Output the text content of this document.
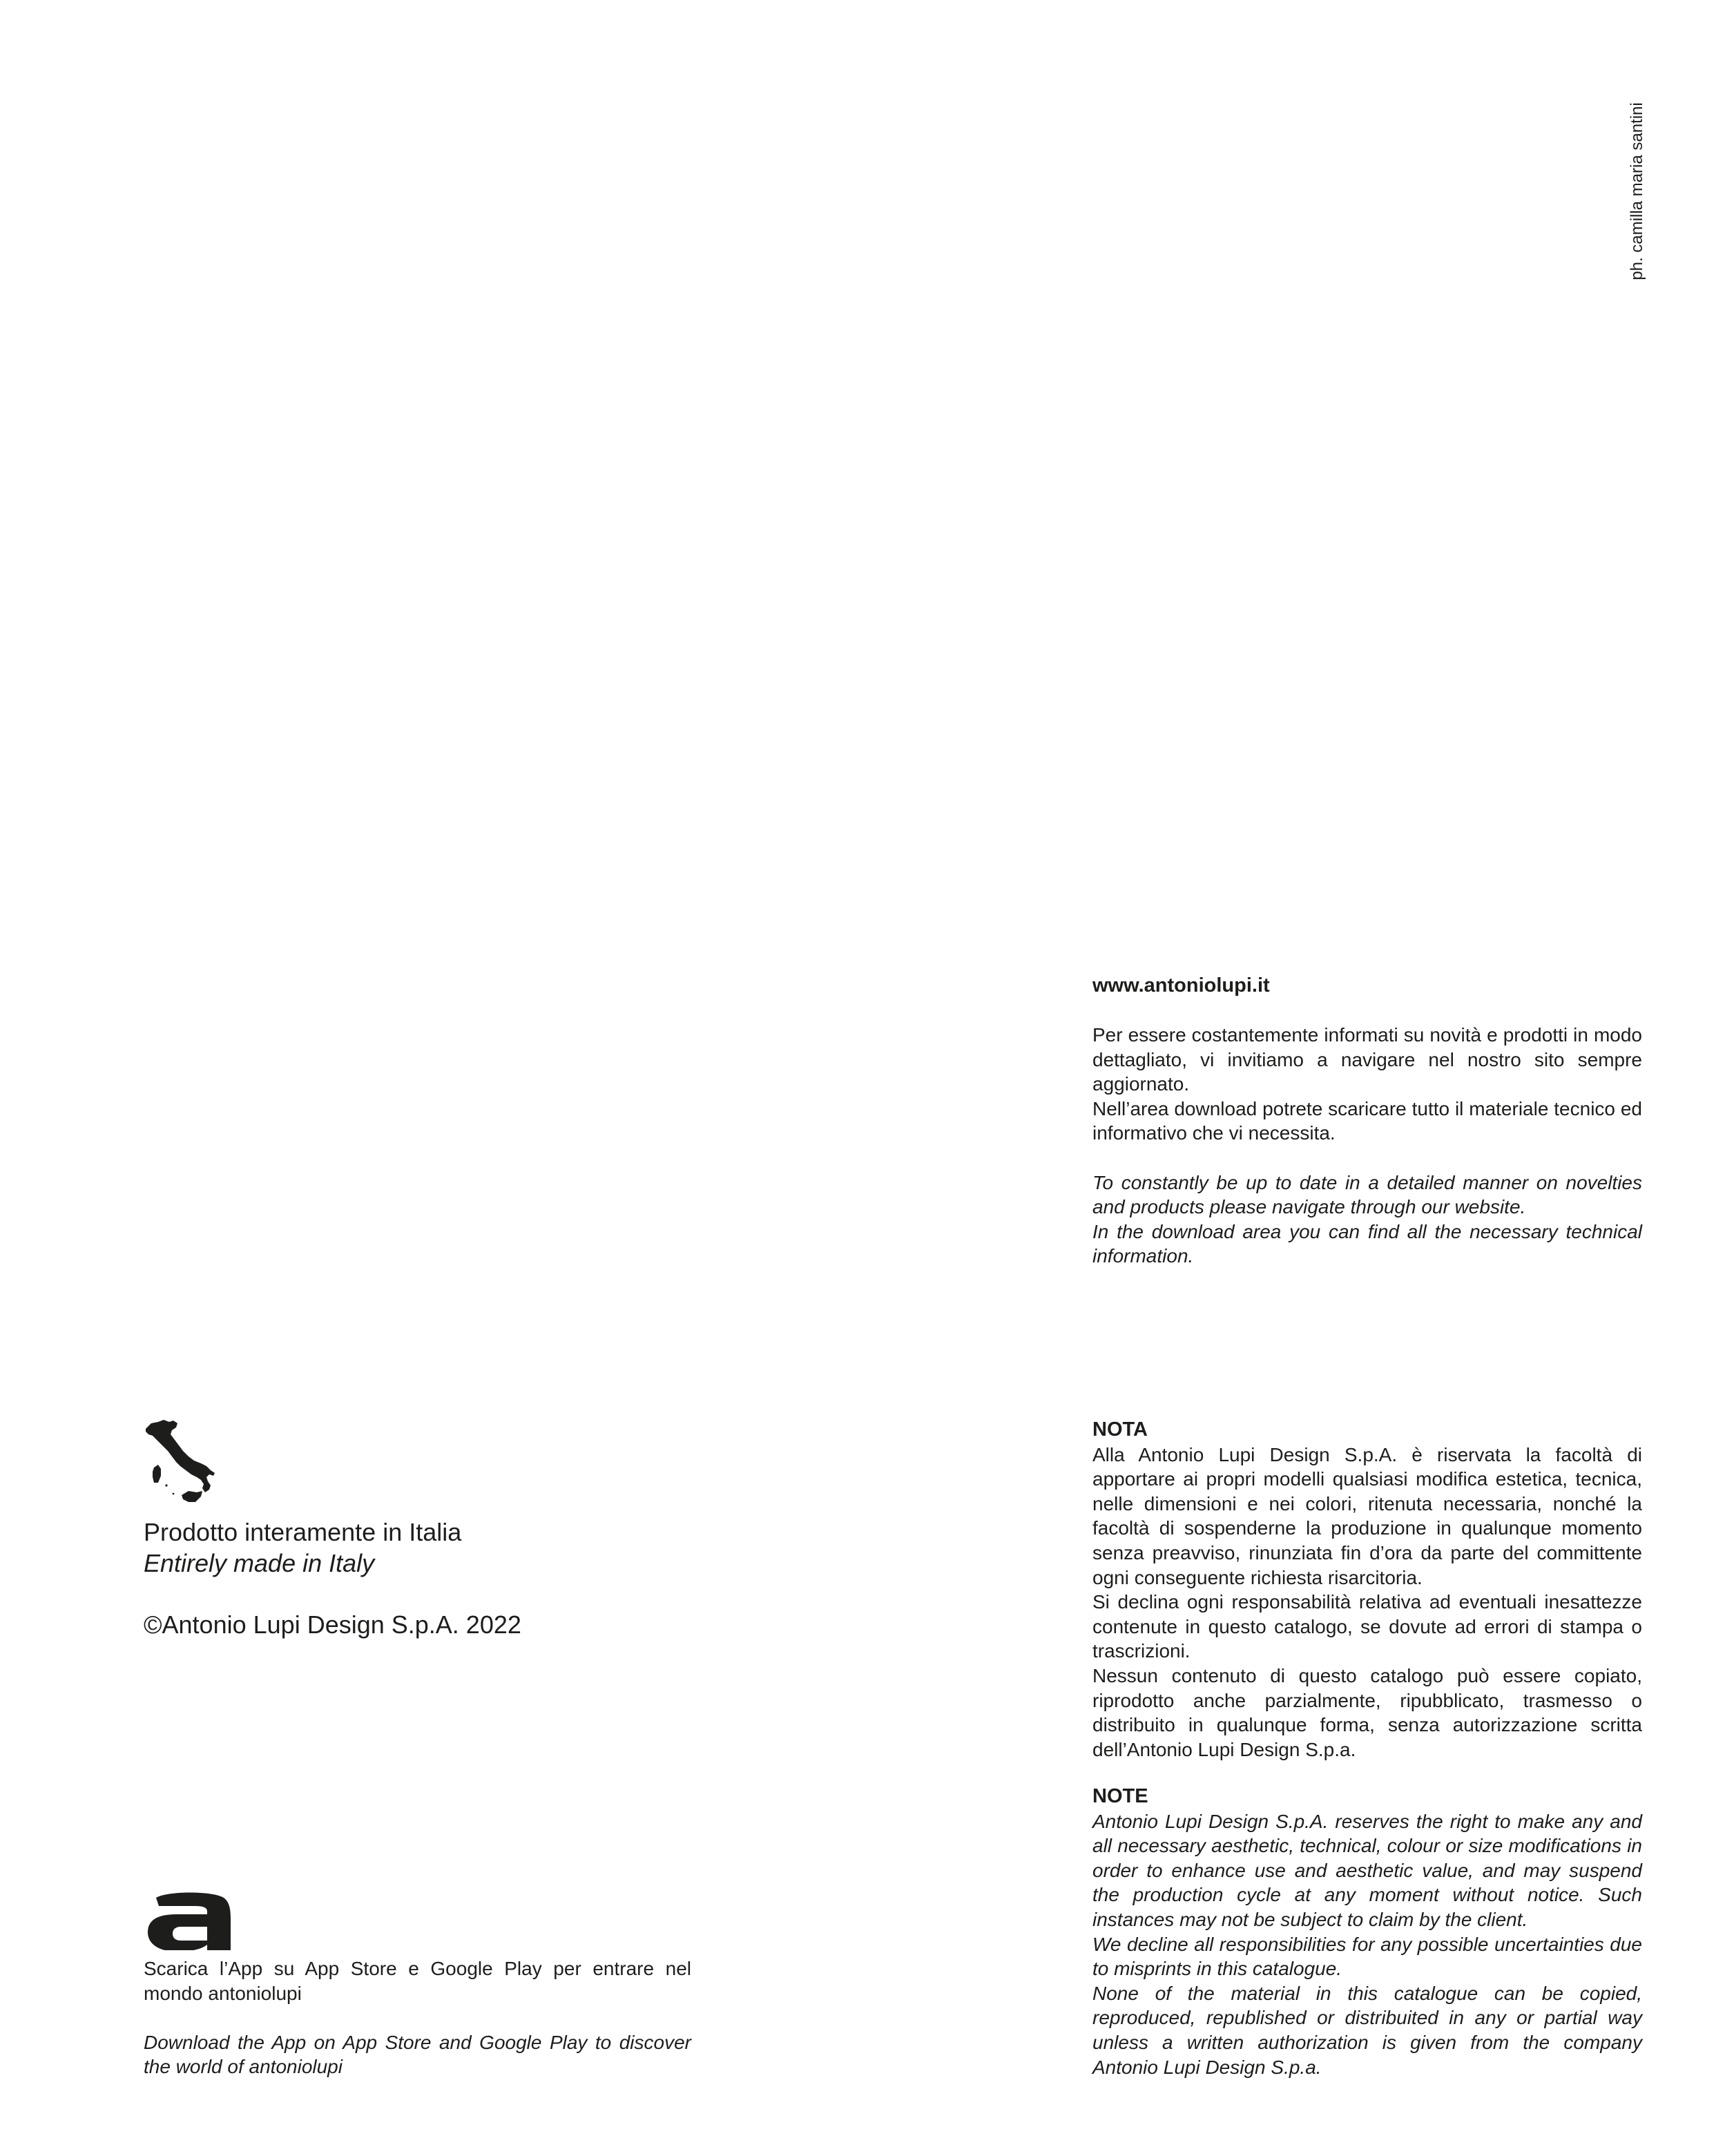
ph. camilla maria santini
www.antoniolupi.it

Per essere costantemente informati su novità e prodotti in modo dettagliato, vi invitiamo a navigare nel nostro sito sempre aggiornato.

Nell’area download potrete scaricare tutto il materiale tecnico ed informativo che vi necessita.

To constantly be up to date in a detailed manner on novelties and products please navigate through our website.

In the download area you can find all the necessary technical information.

NOTA

Alla Antonio Lupi Design S.p.A. è riservata la facoltà di apportare ai propri modelli qualsiasi modifica estetica, tecnica, nelle dimensioni e nei colori, ritenuta necessaria, nonché la facoltà di sospenderne la produzione in qualunque momento senza preavviso, rinunziata fin d’ora da parte del committente ogni conseguente richiesta risarcitoria.

Si declina ogni responsabilità relativa ad eventuali inesattezze contenute in questo catalogo, se dovute ad errori di stampa o trascrizioni.

Nessun contenuto di questo catalogo può essere copiato, riprodotto anche parzialmente, ripubblicato, trasmesso o distribuito in qualunque forma, senza autorizzazione scritta dell’Antonio Lupi Design S.p.a.

NOTE

Antonio Lupi Design S.p.A. reserves the right to make any and all necessary aesthetic, technical, colour or size modifications in order to enhance use and aesthetic value, and may suspend the production cycle at any moment without notice. Such instances may not be subject to claim by the client.

We decline all responsibilities for any possible uncertainties due to misprints in this catalogue.

None of the material in this catalogue can be copied, reproduced, republished or distribuited in any or partial way unless a written authorization is given from the company Antonio Lupi Design S.p.a.

Prodotto interamente in Italia

Entirely made in Italy

©Antonio Lupi Design S.p.A. 2022

Scarica l’App su App Store e Google Play per entrare nel mondo antoniolupi

Download the App on App Store and Google Play to discover the world of antoniolupi
